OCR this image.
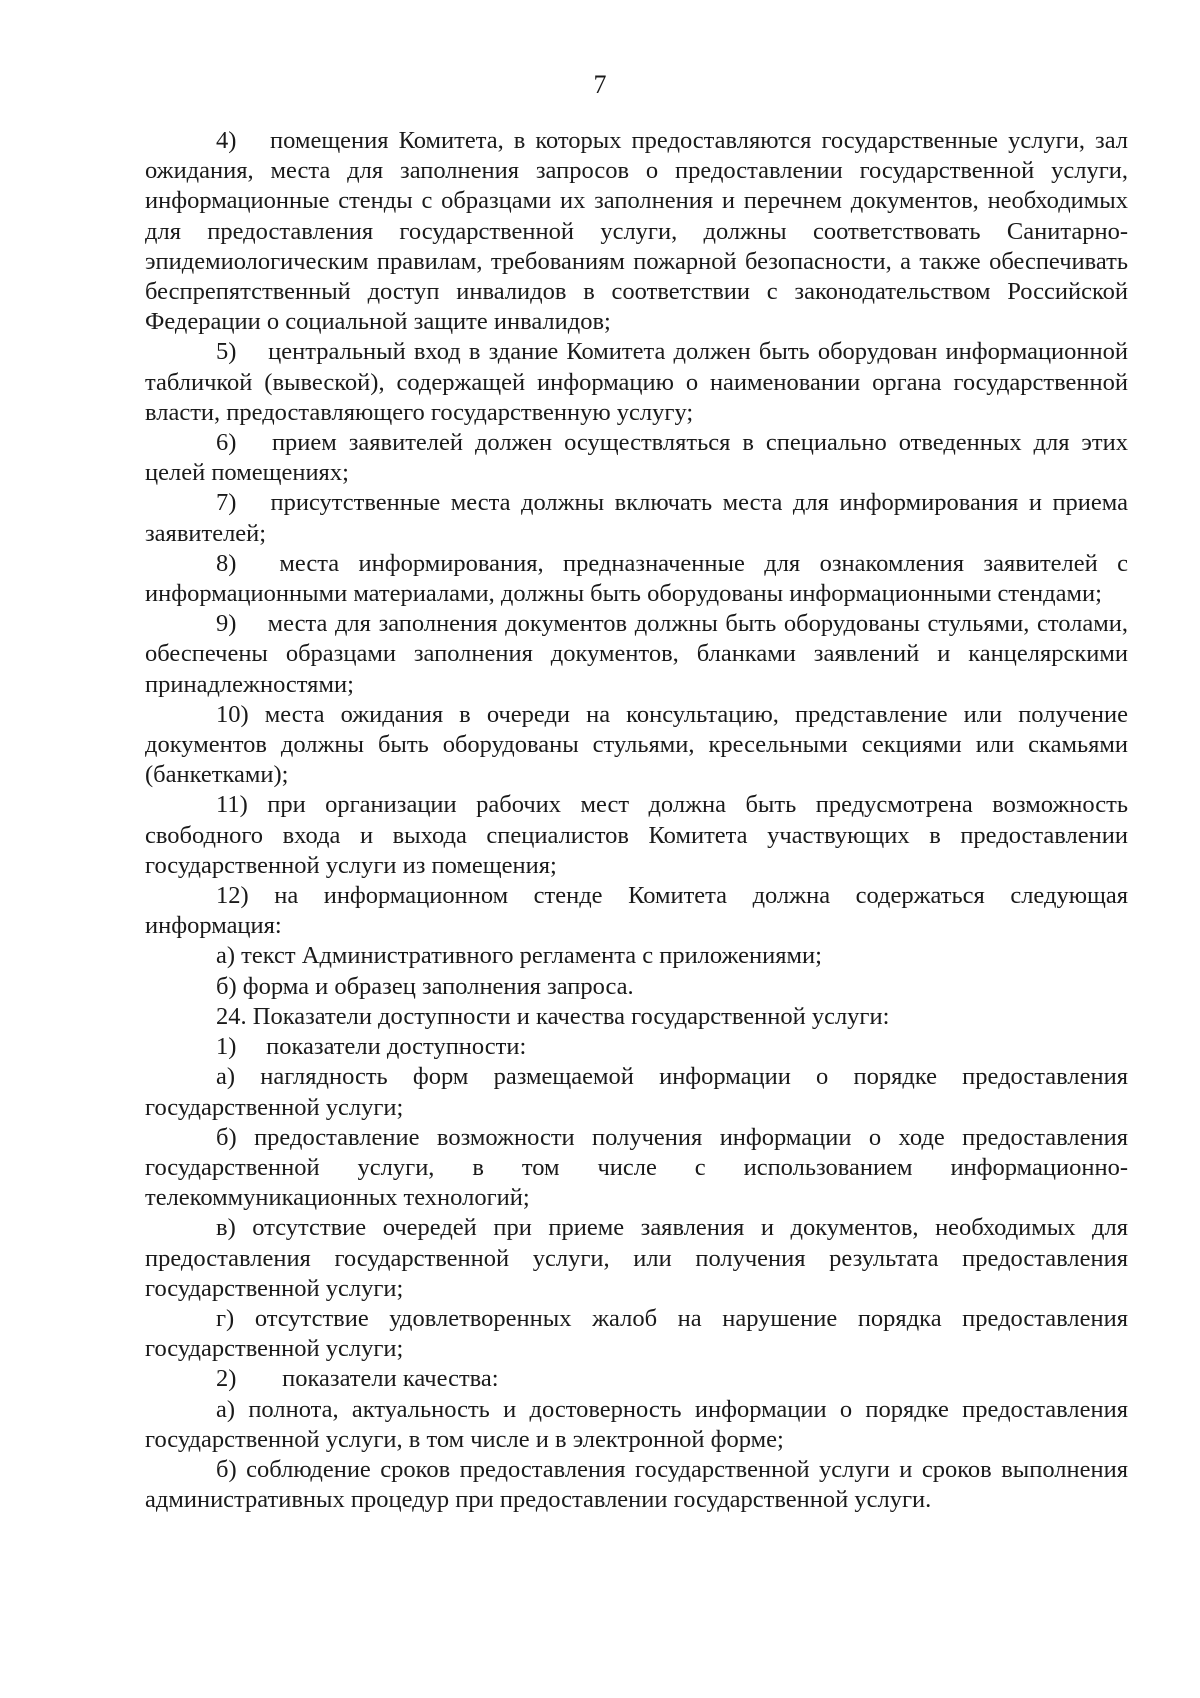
7

4) помещения Комитета, в которых предоставляются государственные услуги, зал ожидания, места для заполнения запросов о предоставлении государственной услуги, информационные стенды с образцами их заполнения и перечнем документов, необходимых для предоставления государственной услуги, должны соответствовать Санитарно-эпидемиологическим правилам, требованиям пожарной безопасности, а также обеспечивать беспрепятственный доступ инвалидов в соответствии с законодательством Российской Федерации о социальной защите инвалидов;

5) центральный вход в здание Комитета должен быть оборудован информационной табличкой (вывеской), содержащей информацию о наименовании органа государственной власти, предоставляющего государственную услугу;

6) прием заявителей должен осуществляться в специально отведенных для этих целей помещениях;

7) присутственные места должны включать места для информирования и приема заявителей;

8) места информирования, предназначенные для ознакомления заявителей с информационными материалами, должны быть оборудованы информационными стендами;

9) места для заполнения документов должны быть оборудованы стульями, столами, обеспечены образцами заполнения документов, бланками заявлений и канцелярскими принадлежностями;

10) места ожидания в очереди на консультацию, представление или получение документов должны быть оборудованы стульями, кресельными секциями или скамьями (банкетками);

11) при организации рабочих мест должна быть предусмотрена возможность свободного входа и выхода специалистов Комитета участвующих в предоставлении государственной услуги из помещения;

12) на информационном стенде Комитета должна содержаться следующая информация:

а) текст Административного регламента с приложениями;

б) форма и образец заполнения запроса.

24. Показатели доступности и качества государственной услуги:

1) показатели доступности:

а) наглядность форм размещаемой информации о порядке предоставления государственной услуги;

б) предоставление возможности получения информации о ходе предоставления государственной услуги, в том числе с использованием информационно-телекоммуникационных технологий;

в) отсутствие очередей при приеме заявления и документов, необходимых для предоставления государственной услуги, или получения результата предоставления государственной услуги;

г) отсутствие удовлетворенных жалоб на нарушение порядка предоставления государственной услуги;

2) показатели качества:

а) полнота, актуальность и достоверность информации о порядке предоставления государственной услуги, в том числе и в электронной форме;

б) соблюдение сроков предоставления государственной услуги и сроков выполнения административных процедур при предоставлении государственной услуги.
